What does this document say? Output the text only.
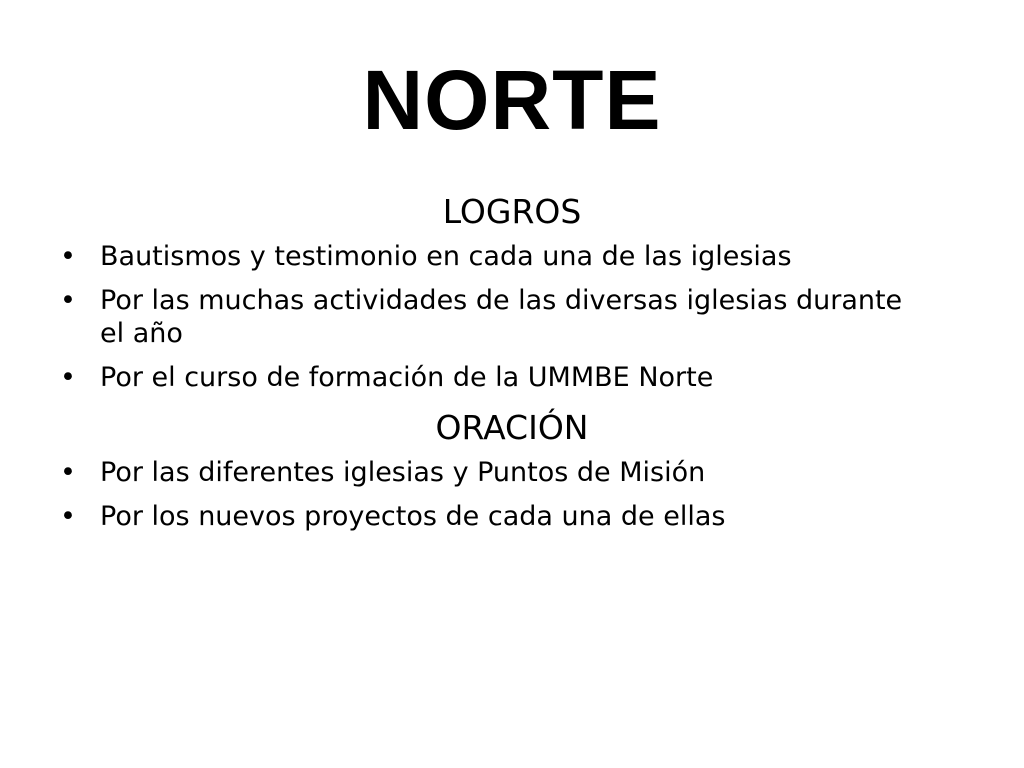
NORTE
LOGROS
• Bautismos y testimonio en cada una de las iglesias
• Por las muchas actividades de las diversas iglesias durante el año
• Por el curso de formación de la UMMBE Norte
ORACIÓN
• Por las diferentes iglesias y Puntos de Misión
• Por los nuevos proyectos de cada una de ellas
